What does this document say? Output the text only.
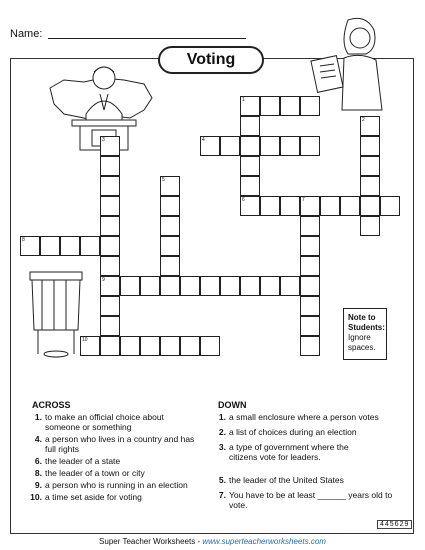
Name:
Voting
1
2
3	4
5
6	7
8
9
10
Note to Students:
Ignore spaces.
ACROSS	DOWN
1. to make an official choice about someone or something
4. a person who lives in a country and has full rights
6. the leader of a state
8. the leader of a town or city
9. a person who is running in an election
10. a time set aside for voting
1. a small enclosure where a person votes
2. a list of choices during an election
3. a type of government where the citizens vote for leaders.
5. the leader of the United States
7. You have to be at least ______ years old to vote.
445629
Super Teacher Worksheets - www.superteacherworksheets.com
